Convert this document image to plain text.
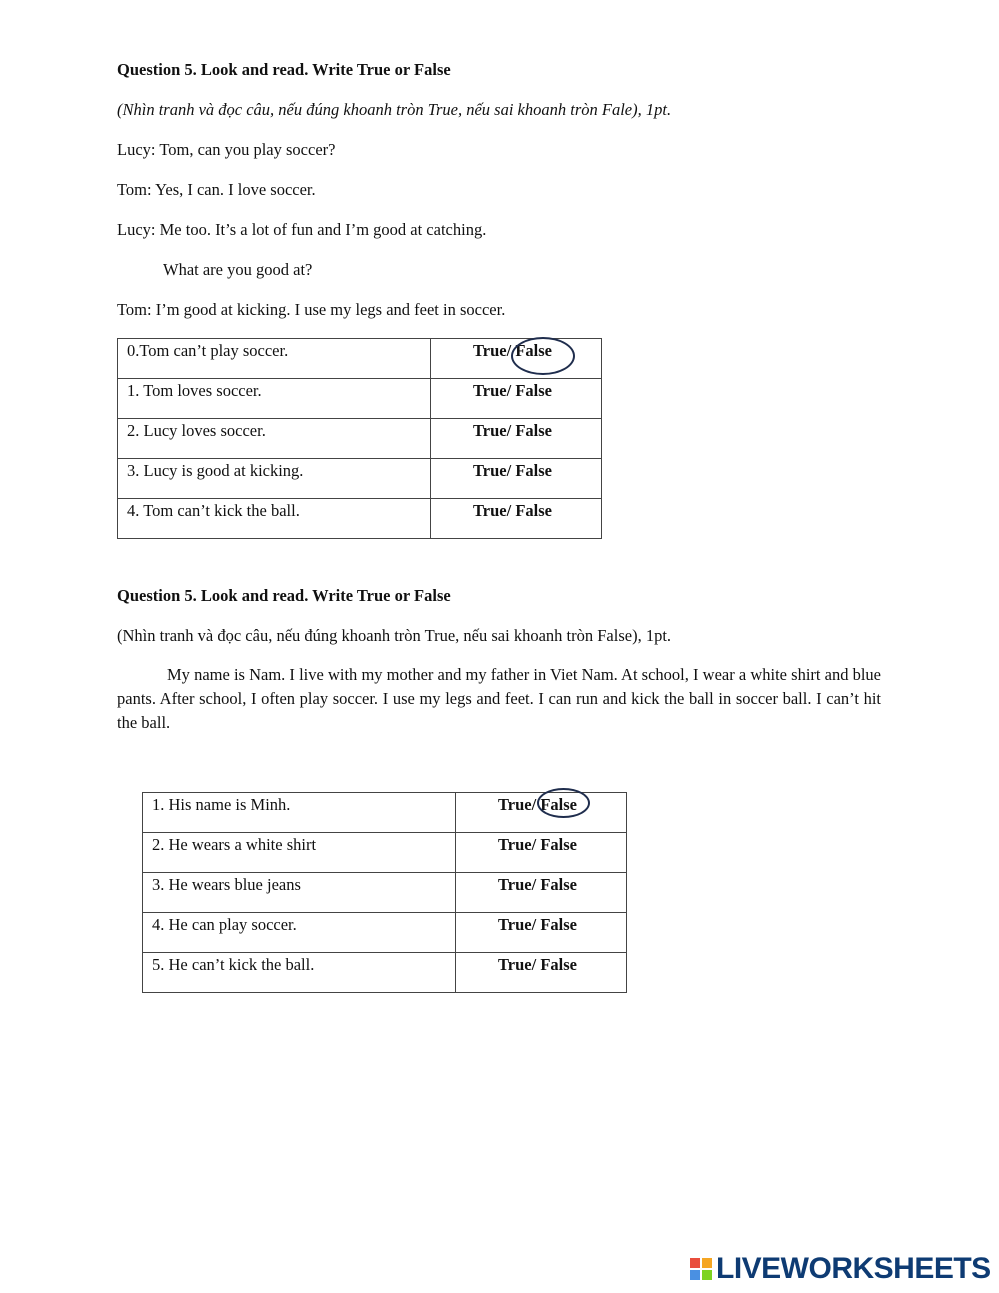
Question 5. Look and read. Write True or False
(Nhìn tranh và đọc câu, nếu đúng khoanh tròn True, nếu sai khoanh tròn Fale), 1pt.
Lucy: Tom, can you play soccer?
Tom: Yes, I can. I love soccer.
Lucy: Me too. It’s a lot of fun and I’m good at catching.
What are you good at?
Tom: I’m good at kicking. I use my legs and feet in soccer.
0.Tom can’t play soccer.	True/ False

1. Tom loves soccer.	True/ False
2. Lucy loves soccer.	True/ False
3. Lucy is good at kicking.	True/ False
4. Tom can’t kick the ball.	True/ False
Question 5. Look and read. Write True or False
(Nhìn tranh và đọc câu, nếu đúng khoanh tròn True, nếu sai khoanh tròn False), 1pt.
My name is Nam. I live with my mother and my father in Viet Nam. At school, I wear a white shirt and blue pants. After school, I often play soccer. I use my legs and feet. I can run and kick the ball in soccer ball. I can’t hit the ball.
1. His name is Minh.	True/ False

2. He wears a white shirt	True/ False
3. He wears blue jeans	True/ False
4. He can play soccer.	True/ False
5. He can’t kick the ball.	True/ False
LIVEWORKSHEETS
